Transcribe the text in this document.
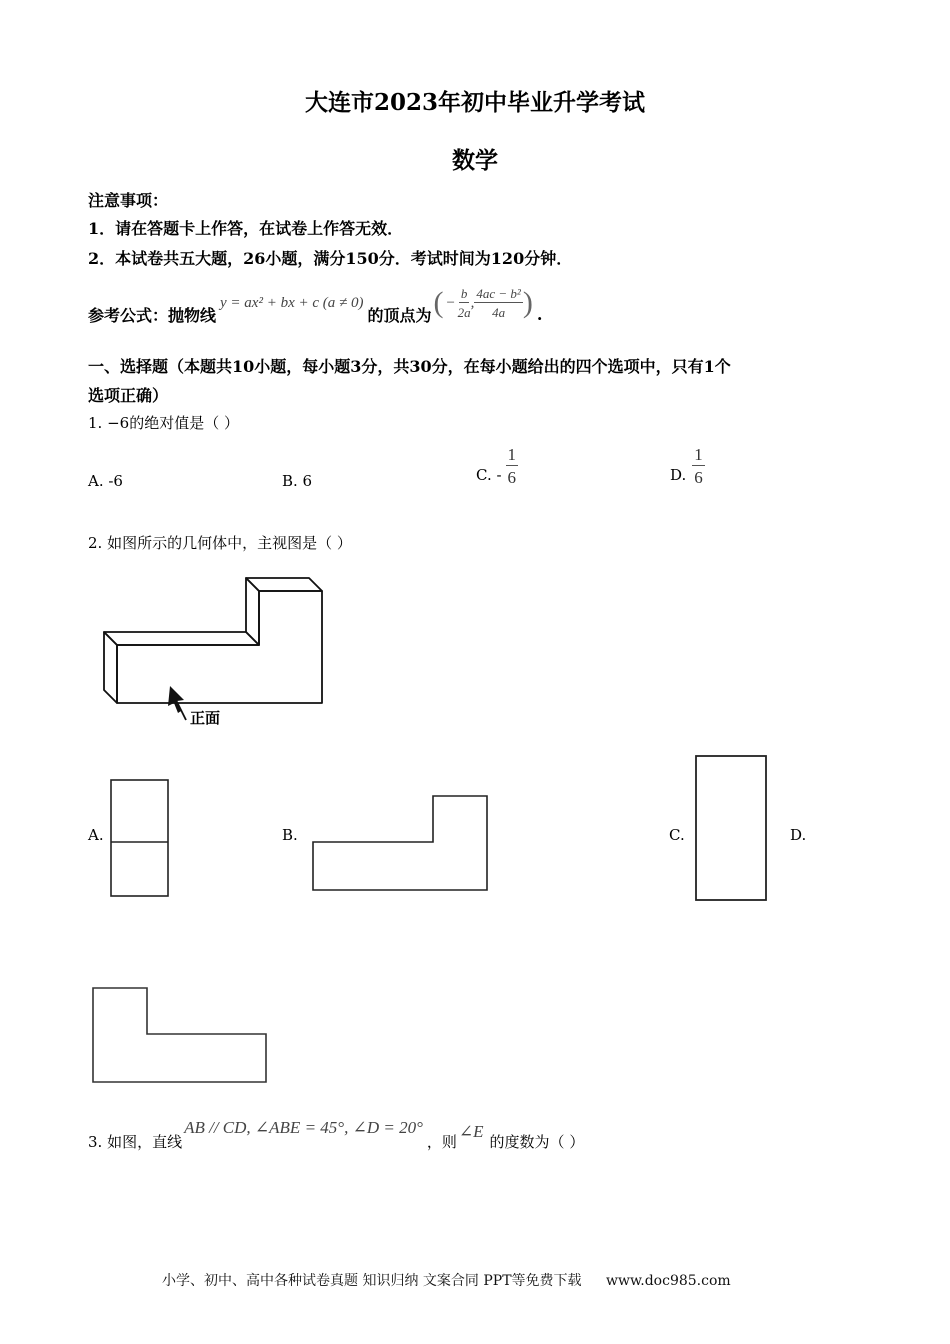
大连市2023年初中毕业升学考试
数学
注意事项：
1．请在答题卡上作答，在试卷上作答无效．
2．本试卷共五大题，26小题，满分150分．考试时间为120分钟．
参考公式：抛物线
y = ax² + bx + c (a ≠ 0)
的顶点为 ( − $\frac{b}{2a}$ , $\frac{\text{4ac − b²}}{4a}$ ) .
一、选择题（本题共10小题，每小题3分，共30分，在每小题给出的四个选项中，只有1个
选项正确）
1. −6的绝对值是（ ）
A. -6	B. 6	C. - $\frac{1}{6}$	D. $\frac{1}{6}$
2. 如图所示的几何体中，主视图是（ ）
正面
A.	B.	C.	D.
3. 如图，直线
AB // CD, ∠ABE = 45°, ∠D = 20°
，则
∠E
的度数为（ ）
小学、初中、高中各种试卷真题 知识归纳 文案合同 PPT等免费下载 www.doc985.com
